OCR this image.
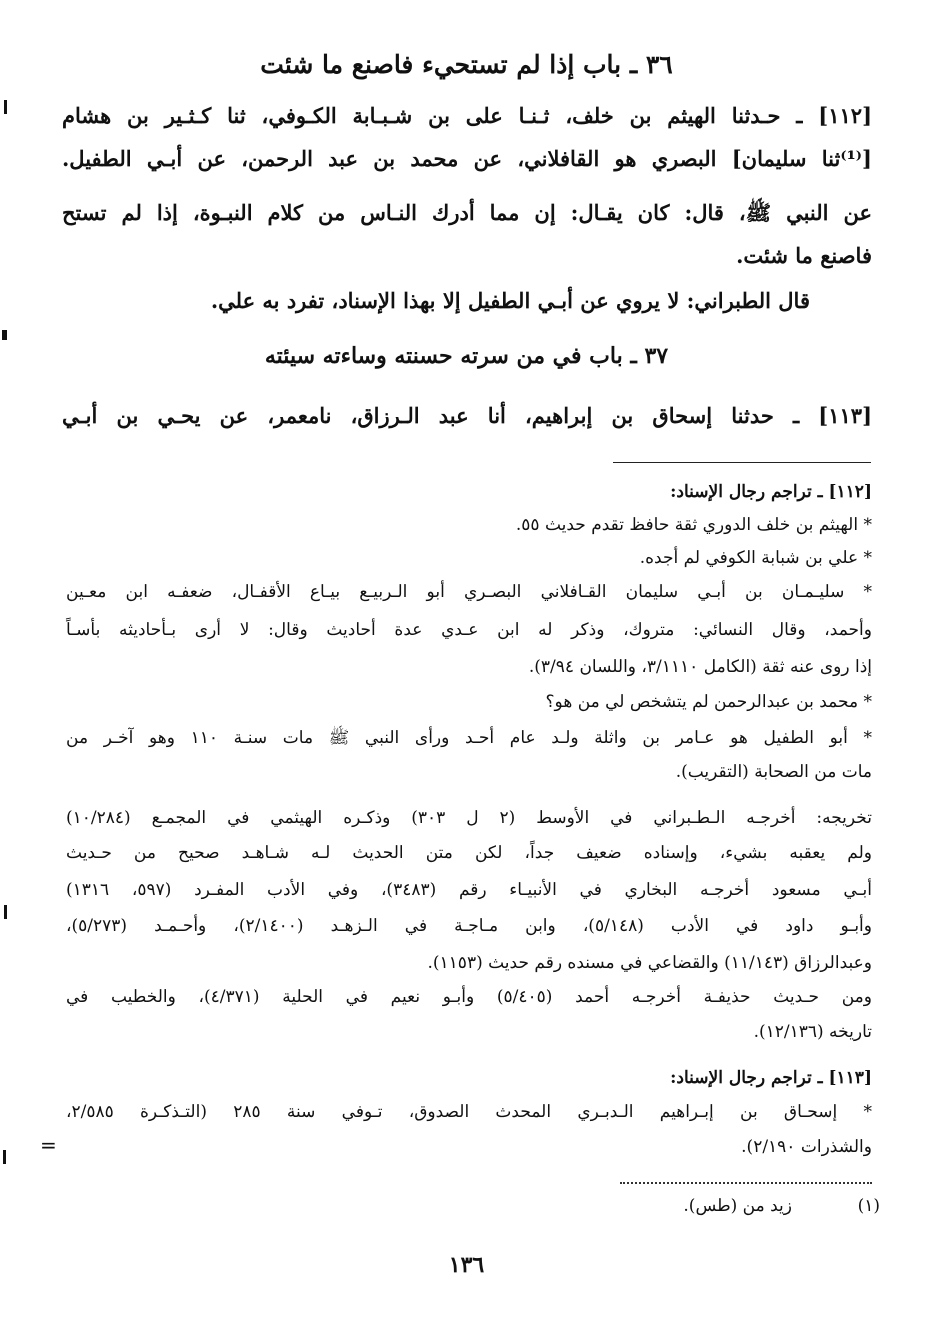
٣٦ ـ باب إذا لم تستحيء فاصنع ما شئت
[١١٢] ـ حـدثنا الهيثم بن خلف، ثـنـا على بن شـبـابة الكـوفي، ثنا كـثـير بن هشام
[⁽¹⁾ثنا سليمان] البصري هو القافلاني، عن محمد بن عبد الرحمن، عن أبـي الطفيل.
عن النبي ﷺ، قال: كان يقـال: إن مما أدرك النـاس من كلام النبـوة، إذا لم تستح
فاصنع ما شئت.
قال الطبراني: لا يروي عن أبـي الطفيل إلا بهذا الإسناد، تفرد به علي.
٣٧ ـ باب في من سرته حسنته وساءته سيئته
[١١٣] ـ حدثنا إسحاق بن إبراهيم، أنا عبد الـرزاق، نامعمر، عن يحـي بن أبـي
[١١٢] ـ تراجم رجال الإسناد:
* الهيثم بن خلف الدوري ثقة حافظ تقدم حديث ٥٥.
* علي بن شبابة الكوفي لم أجده.
* سليـمـان بن أبـي سليمان القـافلاني البصـري أبو الـربيـع بيـاع الأقفـال، ضعفـه ابن معـين
وأحمد، وقال النسائي: متروك، وذكر له ابن عـدي عدة أحاديث وقال: لا أرى بـأحاديثه بأسـاً
إذا روى عنه ثقة (الكامل ٣/١١١٠، واللسان ٣/٩٤).
* محمد بن عبدالرحمن لم يتشخص لي من هو؟
* أبو الطفيل هو عـامر بن واثلة ولـد عام أحـد ورأى النبي ﷺ مات سنـة ١١٠ وهو آخـر من
مات من الصحابة (التقريب).
تخريجه: أخرجـه الـطـبراني في الأوسط (٢ ل ٣٠٣) وذكـره الهيثمي في المجمـع (١٠/٢٨٤)
ولم يعقبه بشيء، وإسناده ضعيف جداً، لكن متن الحديث لـه شـاهـد صحيح من حـديث
أبـي مسعود أخرجـه البخاري في الأنبيـاء رقم (٣٤٨٣)، وفي الأدب المفـرد (٥٩٧، ١٣١٦)
وأبـو داود في الأدب (٥/١٤٨)، وابن مـاجـة في الـزهـد (٢/١٤٠٠)، وأحـمـد (٥/٢٧٣)،
وعبدالرزاق (١١/١٤٣) والقضاعي في مسنده رقم حديث (١١٥٣).
ومن حـديث حذيفـة أخرجـه أحمد (٥/٤٠٥) وأبـو نعيم في الحلية (٤/٣٧١)، والخطيب في
تاريخه (١٢/١٣٦).
[١١٣] ـ تراجم رجال الإسناد:
* إسحـاق بن إبـراهيم الـدبـري المحدث الصدوق، تـوفي سنة ٢٨٥ (التـذكـرة ٢/٥٨٥،
والشذرات ٢/١٩٠).
(١)
زيد من (طس).
١٣٦
=
